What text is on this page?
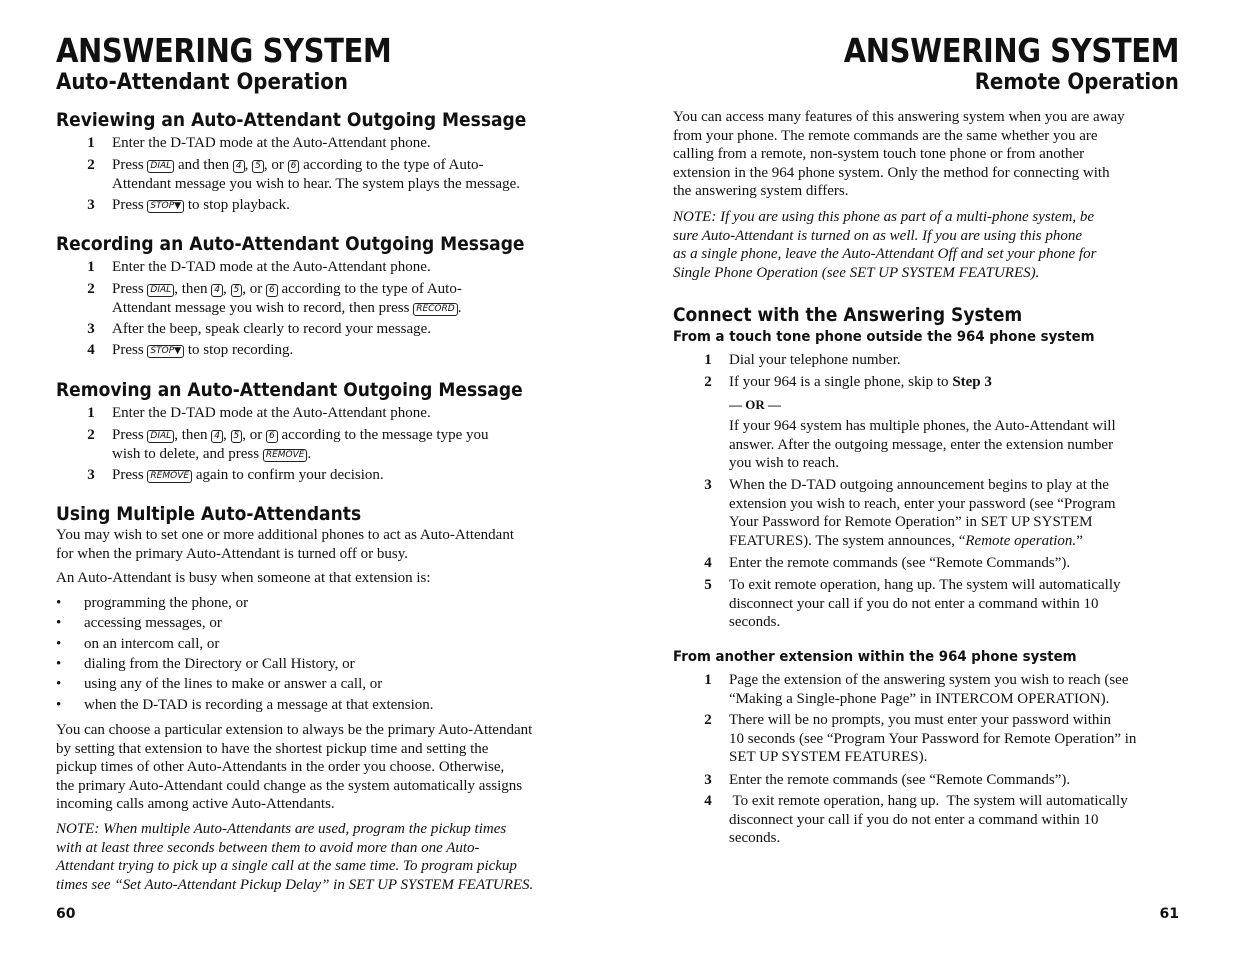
ANSWERING SYSTEM
Auto-Attendant Operation
Reviewing an Auto-Attendant Outgoing Message
1 Enter the D-TAD mode at the Auto-Attendant phone.
2 Press DIAL and then 4 , 5 , or 6 according to the type of Auto-
Attendant message you wish to hear. The system plays the message.
3 Press STOP▼ to stop playback.
Recording an Auto-Attendant Outgoing Message
1 Enter the D-TAD mode at the Auto-Attendant phone.
2 Press DIAL , then 4 , 5 , or 6 according to the type of Auto-
Attendant message you wish to record, then press RECORD .
3 After the beep, speak clearly to record your message.
4 Press STOP▼ to stop recording.
Removing an Auto-Attendant Outgoing Message
1 Enter the D-TAD mode at the Auto-Attendant phone.
2 Press DIAL , then 4 , 5 , or 6 according to the message type you
wish to delete, and press REMOVE .
3 Press REMOVE again to confirm your decision.
Using Multiple Auto-Attendants
You may wish to set one or more additional phones to act as Auto-Attendant
for when the primary Auto-Attendant is turned off or busy.
An Auto-Attendant is busy when someone at that extension is:
• programming the phone, or
• accessing messages, or
• on an intercom call, or
• dialing from the Directory or Call History, or
• using any of the lines to make or answer a call, or
• when the D-TAD is recording a message at that extension.
You can choose a particular extension to always be the primary Auto-Attendant
by setting that extension to have the shortest pickup time and setting the
pickup times of other Auto-Attendants in the order you choose. Otherwise,
the primary Auto-Attendant could change as the system automatically assigns
incoming calls among active Auto-Attendants.
NOTE: When multiple Auto-Attendants are used, program the pickup times
with at least three seconds between them to avoid more than one Auto-
Attendant trying to pick up a single call at the same time. To program pickup
times see “Set Auto-Attendant Pickup Delay” in SET UP SYSTEM FEATURES.
60
ANSWERING SYSTEM
Remote Operation
You can access many features of this answering system when you are away
from your phone. The remote commands are the same whether you are
calling from a remote, non-system touch tone phone or from another
extension in the 964 phone system. Only the method for connecting with
the answering system differs.
NOTE: If you are using this phone as part of a multi-phone system, be
sure Auto-Attendant is turned on as well. If you are using this phone
as a single phone, leave the Auto-Attendant Off and set your phone for
Single Phone Operation (see SET UP SYSTEM FEATURES).
Connect with the Answering System
From a touch tone phone outside the 964 phone system
1 Dial your telephone number.
2 If your 964 is a single phone, skip to Step 3
— OR —
If your 964 system has multiple phones, the Auto-Attendant will
answer. After the outgoing message, enter the extension number
you wish to reach.
3 When the D-TAD outgoing announcement begins to play at the
extension you wish to reach, enter your password (see “Program
Your Password for Remote Operation” in SET UP SYSTEM
FEATURES). The system announces, “Remote operation.”
4 Enter the remote commands (see “Remote Commands”).
5 To exit remote operation, hang up. The system will automatically
disconnect your call if you do not enter a command within 10
seconds.
From another extension within the 964 phone system
1 Page the extension of the answering system you wish to reach (see
“Making a Single-phone Page” in INTERCOM OPERATION).
2 There will be no prompts, you must enter your password within
10 seconds (see “Program Your Password for Remote Operation” in
SET UP SYSTEM FEATURES).
3 Enter the remote commands (see “Remote Commands”).
4 To exit remote operation, hang up.  The system will automatically
disconnect your call if you do not enter a command within 10
seconds.
61
